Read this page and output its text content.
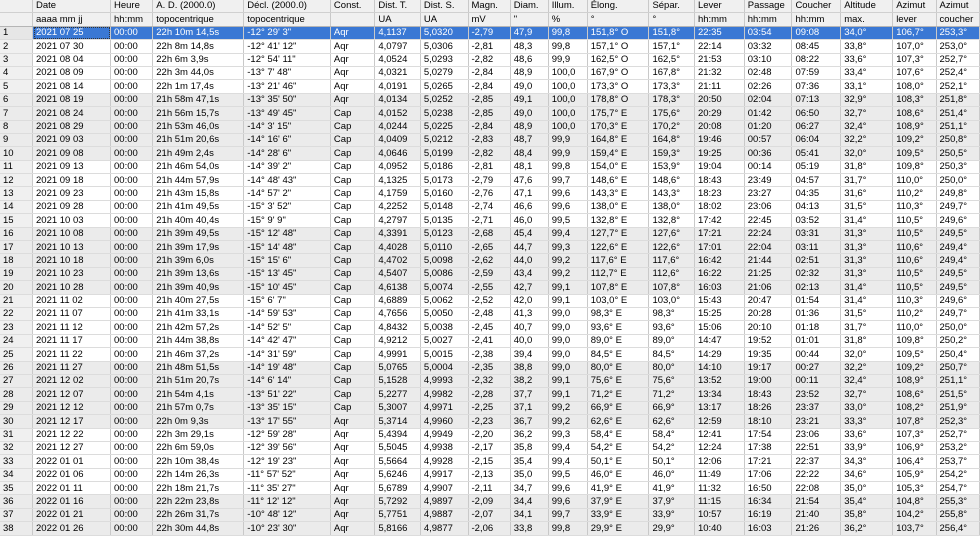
	Date	Heure	A. D. (2000.0)	Décl. (2000.0)	Const.	Dist. T.	Dist. S.	Magn.	Diam.	Illum.	Élong.	Sépar.	Lever	Passage	Coucher	Altitude	Azimut	Azimut
	aaaa mm jj	hh:mm	topocentrique	topocentrique		UA	UA	mV	"	%	°	°	hh:mm	hh:mm	hh:mm	max.	lever	coucher
1	2021 07 25	00:00	22h 10m 14,5s	-12° 29' 3"	Aqr	4,1137	5,0320	-2,79	47,9	99,8	151,8° O	151,8°	22:35	03:54	09:08	34,0°	106,7°	253,3°
2	2021 07 30	00:00	22h 8m 14,8s	-12° 41' 12"	Aqr	4,0797	5,0306	-2,81	48,3	99,8	157,1° O	157,1°	22:14	03:32	08:45	33,8°	107,0°	253,0°
3	2021 08 04	00:00	22h 6m 3,9s	-12° 54' 11"	Aqr	4,0524	5,0293	-2,82	48,6	99,9	162,5° O	162,5°	21:53	03:10	08:22	33,6°	107,3°	252,7°
4	2021 08 09	00:00	22h 3m 44,0s	-13° 7' 48"	Aqr	4,0321	5,0279	-2,84	48,9	100,0	167,9° O	167,8°	21:32	02:48	07:59	33,4°	107,6°	252,4°
5	2021 08 14	00:00	22h 1m 17,4s	-13° 21' 46"	Aqr	4,0191	5,0265	-2,84	49,0	100,0	173,3° O	173,3°	21:11	02:26	07:36	33,1°	108,0°	252,1°
6	2021 08 19	00:00	21h 58m 47,1s	-13° 35' 50"	Aqr	4,0134	5,0252	-2,85	49,1	100,0	178,8° O	178,3°	20:50	02:04	07:13	32,9°	108,3°	251,8°
7	2021 08 24	00:00	21h 56m 15,7s	-13° 49' 45"	Cap	4,0152	5,0238	-2,85	49,0	100,0	175,7° E	175,6°	20:29	01:42	06:50	32,7°	108,6°	251,4°
8	2021 08 29	00:00	21h 53m 46,0s	-14° 3' 15"	Cap	4,0244	5,0225	-2,84	48,9	100,0	170,3° E	170,2°	20:08	01:20	06:27	32,4°	108,9°	251,1°
9	2021 09 03	00:00	21h 51m 20,6s	-14° 16' 6"	Cap	4,0409	5,0212	-2,83	48,7	99,9	164,8° E	164,8°	19:46	00:57	06:04	32,2°	109,2°	250,8°
10	2021 09 08	00:00	21h 49m 2,4s	-14° 28' 6"	Cap	4,0646	5,0199	-2,82	48,4	99,9	159,4° E	159,3°	19:25	00:36	05:41	32,0°	109,5°	250,5°
11	2021 09 13	00:00	21h 46m 54,0s	-14° 39' 2"	Cap	4,0952	5,0186	-2,81	48,1	99,8	154,0° E	153,9°	19:04	00:14	05:19	31,8°	109,8°	250,3°
12	2021 09 18	00:00	21h 44m 57,9s	-14° 48' 43"	Cap	4,1325	5,0173	-2,79	47,6	99,7	148,6° E	148,6°	18:43	23:49	04:57	31,7°	110,0°	250,0°
13	2021 09 23	00:00	21h 43m 15,8s	-14° 57' 2"	Cap	4,1759	5,0160	-2,76	47,1	99,6	143,3° E	143,3°	18:23	23:27	04:35	31,6°	110,2°	249,8°
14	2021 09 28	00:00	21h 41m 49,5s	-15° 3' 52"	Cap	4,2252	5,0148	-2,74	46,6	99,6	138,0° E	138,0°	18:02	23:06	04:13	31,5°	110,3°	249,7°
15	2021 10 03	00:00	21h 40m 40,4s	-15° 9' 9"	Cap	4,2797	5,0135	-2,71	46,0	99,5	132,8° E	132,8°	17:42	22:45	03:52	31,4°	110,5°	249,6°
16	2021 10 08	00:00	21h 39m 49,5s	-15° 12' 48"	Cap	4,3391	5,0123	-2,68	45,4	99,4	127,7° E	127,6°	17:21	22:24	03:31	31,3°	110,5°	249,5°
17	2021 10 13	00:00	21h 39m 17,9s	-15° 14' 48"	Cap	4,4028	5,0110	-2,65	44,7	99,3	122,6° E	122,6°	17:01	22:04	03:11	31,3°	110,6°	249,4°
18	2021 10 18	00:00	21h 39m 6,0s	-15° 15' 6"	Cap	4,4702	5,0098	-2,62	44,0	99,2	117,6° E	117,6°	16:42	21:44	02:51	31,3°	110,6°	249,4°
19	2021 10 23	00:00	21h 39m 13,6s	-15° 13' 45"	Cap	4,5407	5,0086	-2,59	43,4	99,2	112,7° E	112,6°	16:22	21:25	02:32	31,3°	110,5°	249,5°
20	2021 10 28	00:00	21h 39m 40,9s	-15° 10' 45"	Cap	4,6138	5,0074	-2,55	42,7	99,1	107,8° E	107,8°	16:03	21:06	02:13	31,4°	110,5°	249,5°
21	2021 11 02	00:00	21h 40m 27,5s	-15° 6' 7"	Cap	4,6889	5,0062	-2,52	42,0	99,1	103,0° E	103,0°	15:43	20:47	01:54	31,4°	110,3°	249,6°
22	2021 11 07	00:00	21h 41m 33,1s	-14° 59' 53"	Cap	4,7656	5,0050	-2,48	41,3	99,0	98,3° E	98,3°	15:25	20:28	01:36	31,5°	110,2°	249,7°
23	2021 11 12	00:00	21h 42m 57,2s	-14° 52' 5"	Cap	4,8432	5,0038	-2,45	40,7	99,0	93,6° E	93,6°	15:06	20:10	01:18	31,7°	110,0°	250,0°
24	2021 11 17	00:00	21h 44m 38,8s	-14° 42' 47"	Cap	4,9212	5,0027	-2,41	40,0	99,0	89,0° E	89,0°	14:47	19:52	01:01	31,8°	109,8°	250,2°
25	2021 11 22	00:00	21h 46m 37,2s	-14° 31' 59"	Cap	4,9991	5,0015	-2,38	39,4	99,0	84,5° E	84,5°	14:29	19:35	00:44	32,0°	109,5°	250,4°
26	2021 11 27	00:00	21h 48m 51,5s	-14° 19' 48"	Cap	5,0765	5,0004	-2,35	38,8	99,0	80,0° E	80,0°	14:10	19:17	00:27	32,2°	109,2°	250,7°
27	2021 12 02	00:00	21h 51m 20,7s	-14° 6' 14"	Cap	5,1528	4,9993	-2,32	38,2	99,1	75,6° E	75,6°	13:52	19:00	00:11	32,4°	108,9°	251,1°
28	2021 12 07	00:00	21h 54m 4,1s	-13° 51' 22"	Cap	5,2277	4,9982	-2,28	37,7	99,1	71,2° E	71,2°	13:34	18:43	23:52	32,7°	108,6°	251,5°
29	2021 12 12	00:00	21h 57m 0,7s	-13° 35' 15"	Cap	5,3007	4,9971	-2,25	37,1	99,2	66,9° E	66,9°	13:17	18:26	23:37	33,0°	108,2°	251,9°
30	2021 12 17	00:00	22h 0m 9,3s	-13° 17' 55"	Aqr	5,3714	4,9960	-2,23	36,7	99,2	62,6° E	62,6°	12:59	18:10	23:21	33,3°	107,8°	252,3°
31	2021 12 22	00:00	22h 3m 29,1s	-12° 59' 28"	Aqr	5,4394	4,9949	-2,20	36,2	99,3	58,4° E	58,4°	12:41	17:54	23:06	33,6°	107,3°	252,7°
32	2021 12 27	00:00	22h 6m 59,0s	-12° 39' 56"	Aqr	5,5045	4,9938	-2,17	35,8	99,4	54,2° E	54,2°	12:24	17:38	22:51	33,9°	106,9°	253,2°
33	2022 01 01	00:00	22h 10m 38,4s	-12° 19' 23"	Aqr	5,5664	4,9928	-2,15	35,4	99,4	50,1° E	50,1°	12:06	17:21	22:37	34,3°	106,4°	253,7°
34	2022 01 06	00:00	22h 14m 26,3s	-11° 57' 52"	Aqr	5,6246	4,9917	-2,13	35,0	99,5	46,0° E	46,0°	11:49	17:06	22:22	34,6°	105,9°	254,2°
35	2022 01 11	00:00	22h 18m 21,7s	-11° 35' 27"	Aqr	5,6789	4,9907	-2,11	34,7	99,6	41,9° E	41,9°	11:32	16:50	22:08	35,0°	105,3°	254,7°
36	2022 01 16	00:00	22h 22m 23,8s	-11° 12' 12"	Aqr	5,7292	4,9897	-2,09	34,4	99,6	37,9° E	37,9°	11:15	16:34	21:54	35,4°	104,8°	255,3°
37	2022 01 21	00:00	22h 26m 31,7s	-10° 48' 12"	Aqr	5,7751	4,9887	-2,07	34,1	99,7	33,9° E	33,9°	10:57	16:19	21:40	35,8°	104,2°	255,8°
38	2022 01 26	00:00	22h 30m 44,8s	-10° 23' 30"	Aqr	5,8166	4,9877	-2,06	33,8	99,8	29,9° E	29,9°	10:40	16:03	21:26	36,2°	103,7°	256,4°
